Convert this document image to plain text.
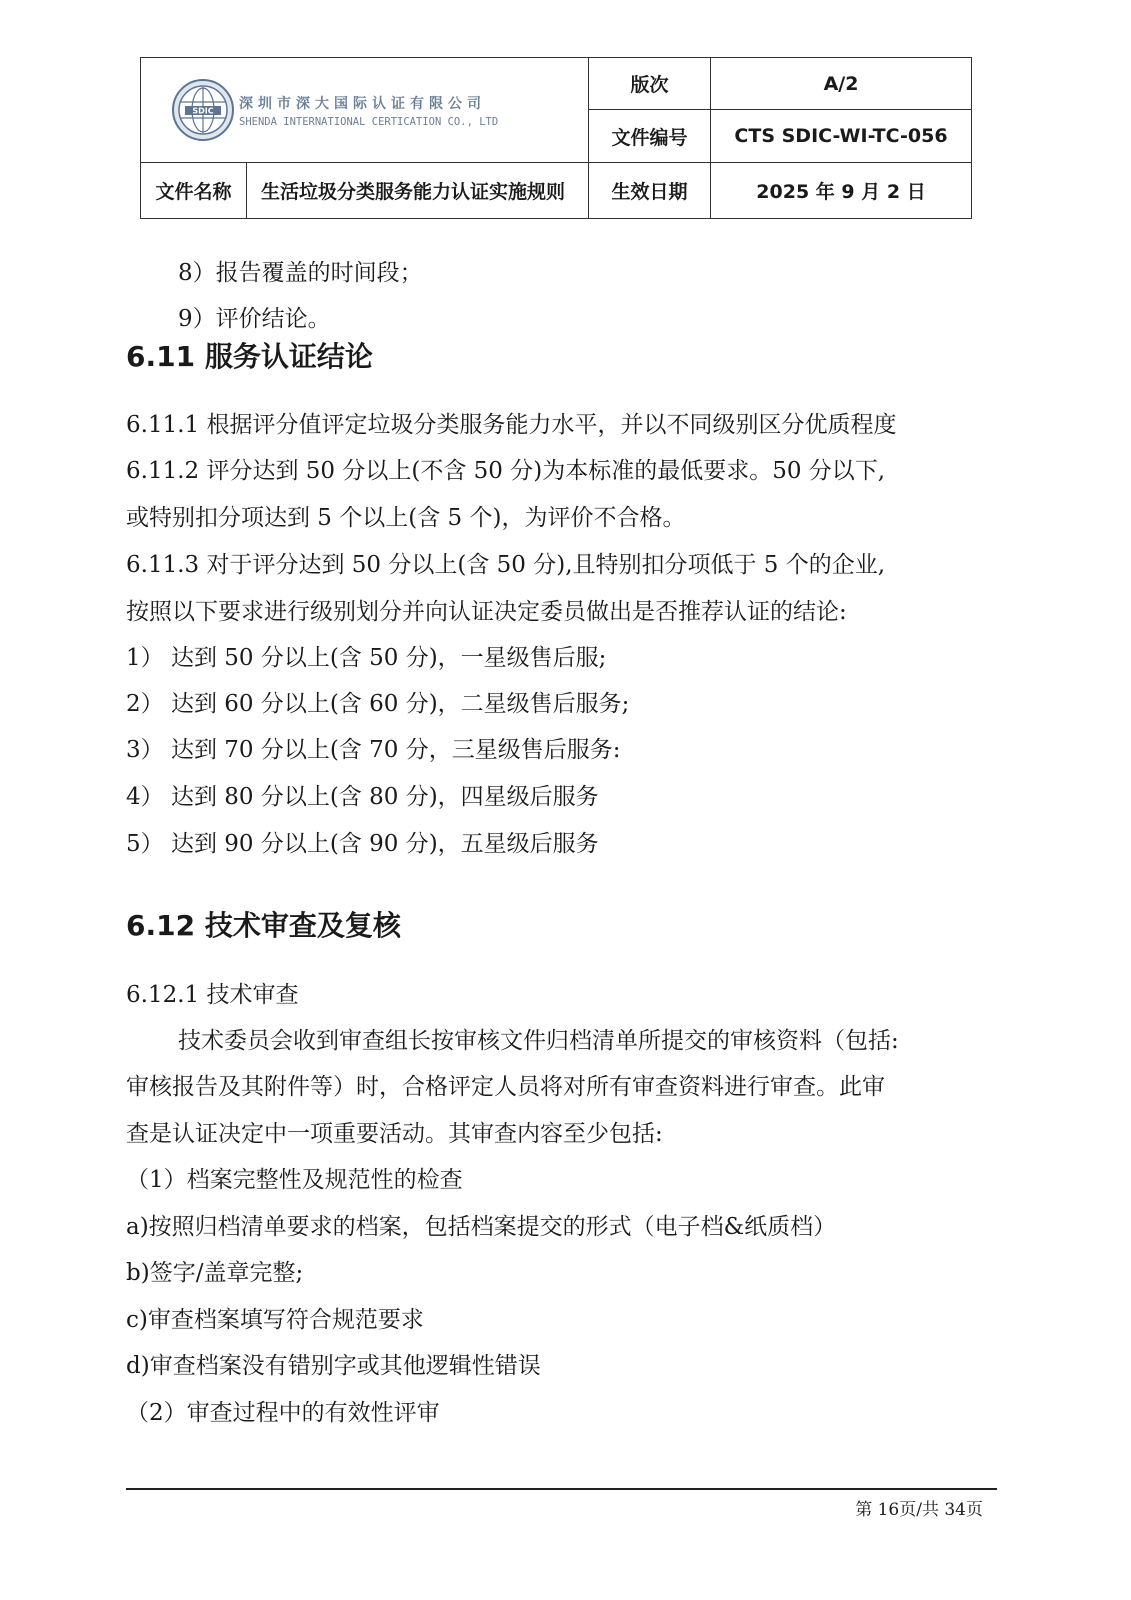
SDIC 深圳市深大国际认证有限公司
SHENDA INTERNATIONAL CERTICATION CO., LTD		版次	A/2
		文件编号	CTS SDIC-WI-TC-056
文件名称	生活垃圾分类服务能力认证实施规则	生效日期	2025 年 9 月 2 日
8）报告覆盖的时间段；
9）评价结论。
6.11 服务认证结论
6.11.1 根据评分值评定垃圾分类服务能力水平，并以不同级别区分优质程度
6.11.2 评分达到 50 分以上(不含 50 分)为本标准的最低要求。50 分以下,
或特别扣分项达到 5 个以上(含 5 个)，为评价不合格。
6.11.3 对于评分达到 50 分以上(含 50 分),且特别扣分项低于 5 个的企业,
按照以下要求进行级别划分并向认证决定委员做出是否推荐认证的结论:
1） 达到 50 分以上(含 50 分)，一星级售后服;
2） 达到 60 分以上(含 60 分)，二星级售后服务;
3） 达到 70 分以上(含 70 分，三星级售后服务:
4） 达到 80 分以上(含 80 分)，四星级后服务
5） 达到 90 分以上(含 90 分)，五星级后服务
6.12 技术审查及复核
6.12.1 技术审查
技术委员会收到审查组长按审核文件归档清单所提交的审核资料（包括:
审核报告及其附件等）时，合格评定人员将对所有审查资料进行审查。此审
查是认证决定中一项重要活动。其审查内容至少包括:
（1）档案完整性及规范性的检查
a)按照归档清单要求的档案，包括档案提交的形式（电子档&纸质档）
b)签字/盖章完整;
c)审查档案填写符合规范要求
d)审查档案没有错别字或其他逻辑性错误
（2）审查过程中的有效性评审
第 16页/共 34页
